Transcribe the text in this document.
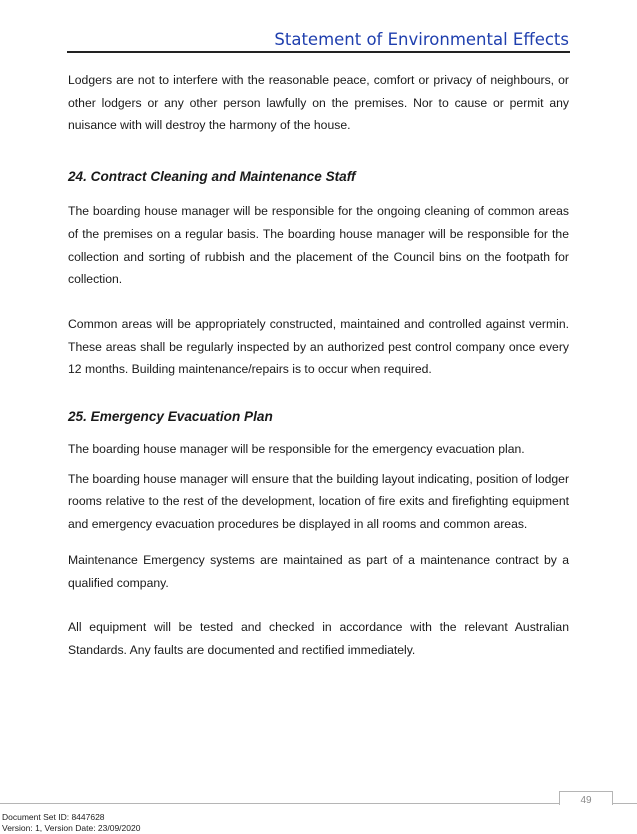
Statement of Environmental Effects

Lodgers are not to interfere with the reasonable peace, comfort or privacy of neighbours, or other lodgers or any other person lawfully on the premises. Nor to cause or permit any nuisance with will destroy the harmony of the house.

24. Contract Cleaning and Maintenance Staff

The boarding house manager will be responsible for the ongoing cleaning of common areas of the premises on a regular basis. The boarding house manager will be responsible for the collection and sorting of rubbish and the placement of the Council bins on the footpath for collection.

Common areas will be appropriately constructed, maintained and controlled against vermin. These areas shall be regularly inspected by an authorized pest control company once every 12 months. Building maintenance/repairs is to occur when required.

25. Emergency Evacuation Plan

The boarding house manager will be responsible for the emergency evacuation plan.

The boarding house manager will ensure that the building layout indicating, position of lodger rooms relative to the rest of the development, location of fire exits and firefighting equipment and emergency evacuation procedures be displayed in all rooms and common areas.

Maintenance Emergency systems are maintained as part of a maintenance contract by a qualified company.

All equipment will be tested and checked in accordance with the relevant Australian Standards. Any faults are documented and rectified immediately.

49
Document Set ID: 8447628
Version: 1, Version Date: 23/09/2020
